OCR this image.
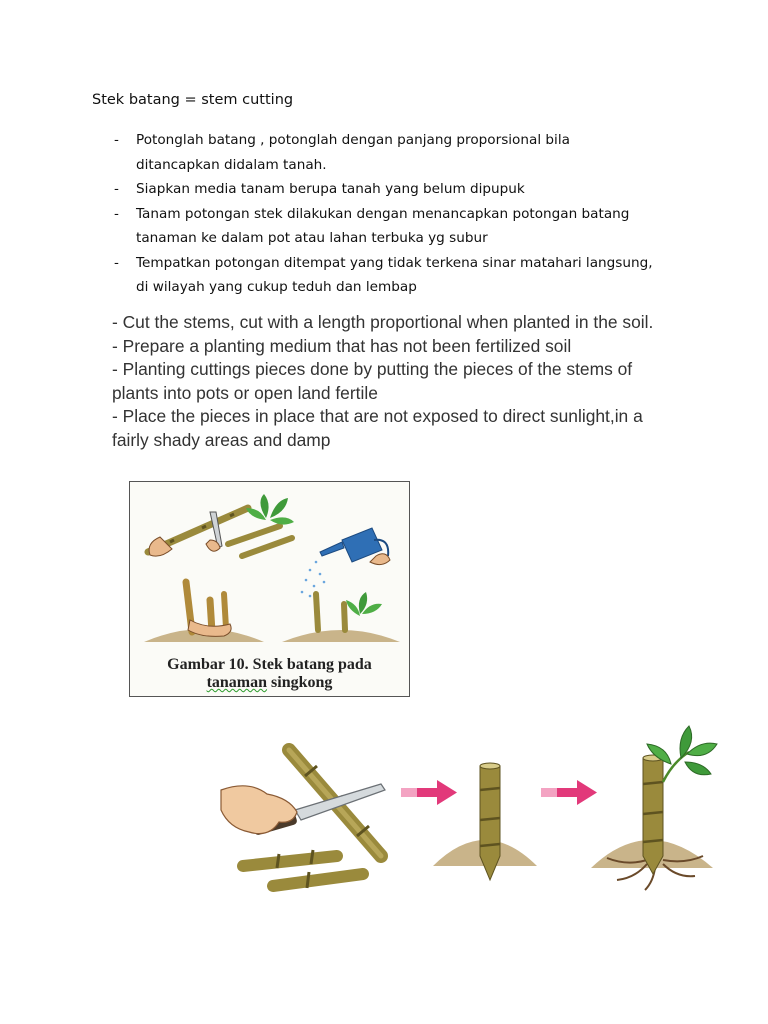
Stek batang = stem cutting
- Potonglah batang , potonglah dengan panjang proporsional bila
ditancapkan didalam tanah.
- Siapkan media tanam berupa tanah yang belum dipupuk
- Tanam potongan stek dilakukan dengan menancapkan potongan batang
tanaman ke dalam pot atau lahan terbuka yg subur
- Tempatkan potongan ditempat yang tidak terkena sinar matahari langsung,
di wilayah yang cukup teduh dan lembap
- Cut the stems, cut with a length proportional when planted in the soil.
- Prepare a planting medium that has not been fertilized soil
- Planting cuttings pieces done by putting the pieces of the stems of
plants into pots or open land fertile
- Place the pieces in place that are not exposed to direct sunlight,in a
fairly shady areas and damp
Gambar 10. Stek batang pada
tanaman singkong
